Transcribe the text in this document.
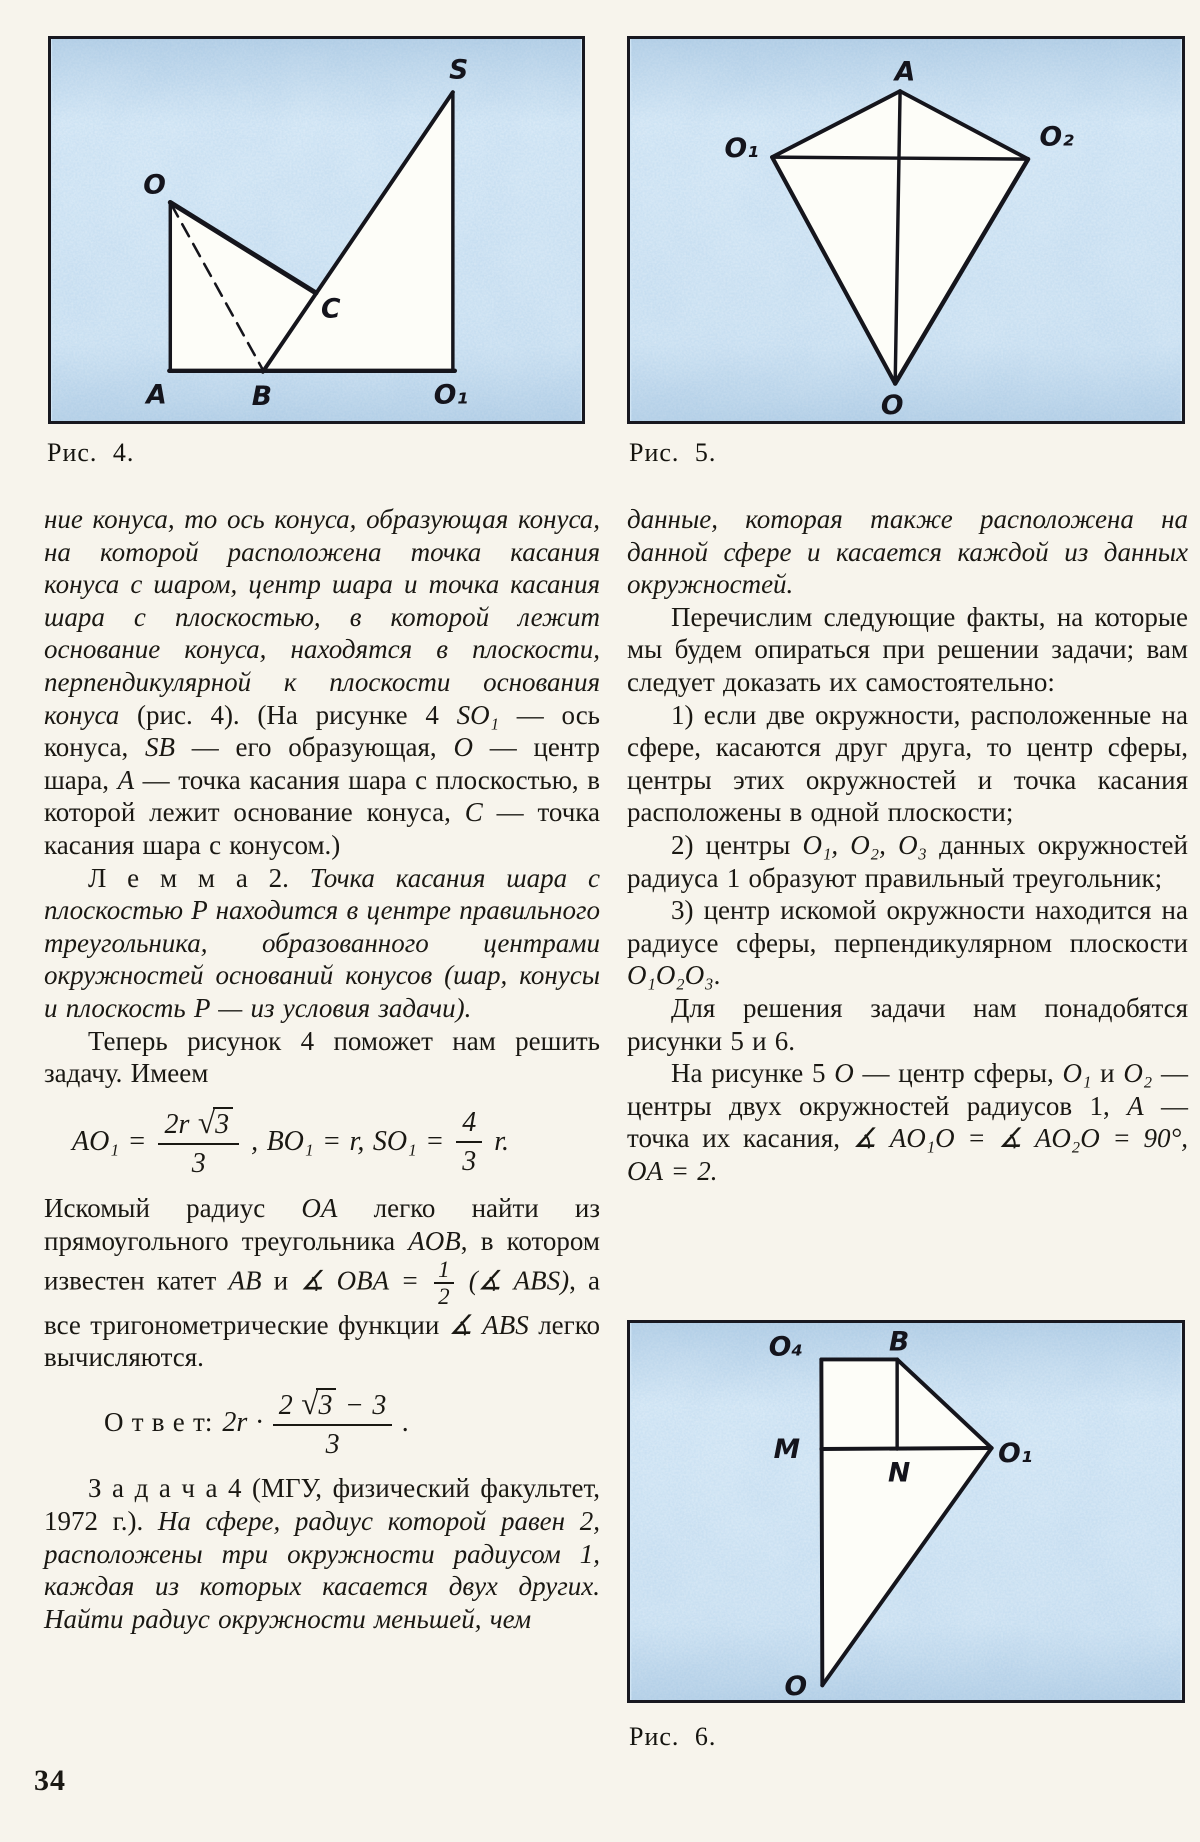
O
S
C
A	B	O₁
Рис. 4.
A
O₁	O₂
O
Рис. 5.

ние конуса, то ось конуса, образующая конуса, на которой расположена точка касания конуса с шаром, центр шара и точка касания шара с плоскостью, в которой лежит основание конуса, находятся в плоскости, перпендикулярной к плоскости основания конуса (рис. 4). (На рисунке 4 SO₁ — ось конуса, SB — его образующая, O — центр шара, A — точка касания шара с плоскостью, в которой лежит основание конуса, C — точка касания шара с конусом.)

Л е м м а 2. Точка касания шара с плоскостью P находится в центре правильного треугольника, образованного центрами окружностей оснований конусов (шар, конусы и плоскость P — из условия задачи).

Теперь рисунок 4 поможет нам решить задачу. Имеем

$AO_1 = \frac{2r √3}{3}$ , BO₁ = r, $SO_1 = \frac{4}{3} r$.

Искомый радиус OA легко найти из прямоугольного треугольника AOB, в котором известен катет AB и ∡ OBA = $\frac{1}{2}$ (∡ ABS), а все тригонометрические функции ∡ ABS легко вычисляются.

О т в е т: 2r ·
2 √3 − 3
3
.

З а д а ч а 4 (МГУ, физический факультет, 1972 г.). На сфере, радиус которой равен 2, расположены три окружности радиусом 1, каждая из которых касается двух других. Найти радиус окружности меньшей, чем

данные, которая также расположена на данной сфере и касается каждой из данных окружностей.

Перечислим следующие факты, на которые мы будем опираться при решении задачи; вам следует доказать их самостоятельно:

1) если две окружности, расположенные на сфере, касаются друг друга, то центр сферы, центры этих окружностей и точка касания расположены в одной плоскости;

2) центры O₁, O₂, O₃ данных окружностей радиуса 1 образуют правильный треугольник;

3) центр искомой окружности находится на радиусе сферы, перпендикулярном плоскости O₁O₂O₃.

Для решения задачи нам понадобятся рисунки 5 и 6.

На рисунке 5 O — центр сферы, O₁ и O₂ — центры двух окружностей радиусов 1, A — точка их касания, ∡ AO₁O = ∡ AO₂O = 90°, OA = 2.

O₄	B
M
N
O₁
O
Рис. 6.
34
